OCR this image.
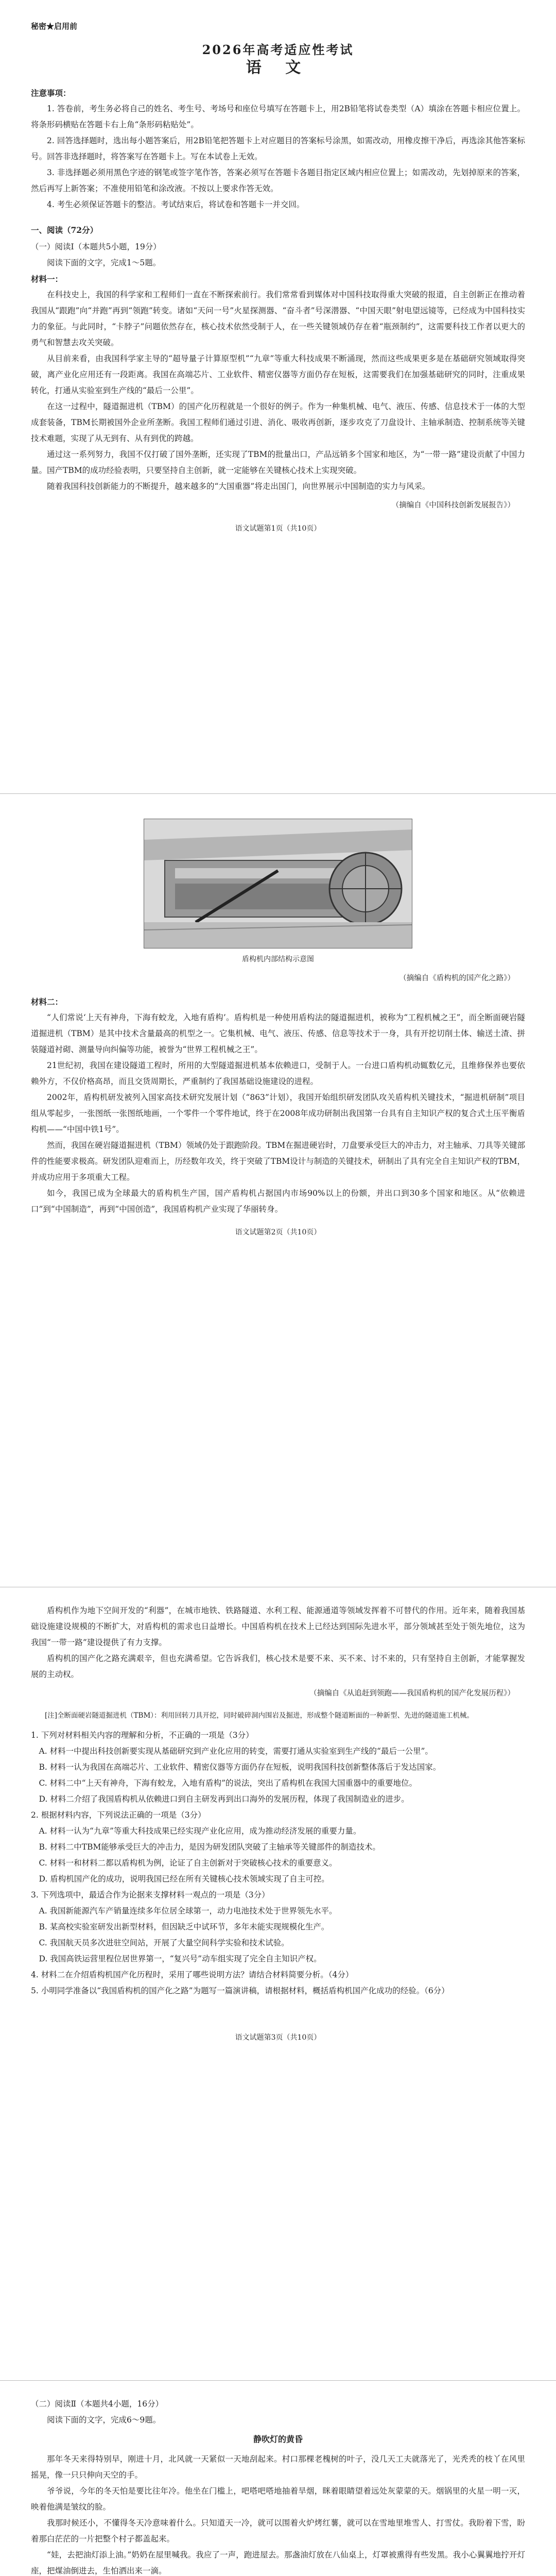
秘密★启用前
2026年高考适应性考试
语 文
注意事项：

1. 答卷前，考生务必将自己的姓名、考生号、考场号和座位号填写在答题卡上，用2B铅笔将试卷类型（A）填涂在答题卡相应位置上。将条形码横贴在答题卡右上角“条形码粘贴处”。

2. 回答选择题时，选出每小题答案后，用2B铅笔把答题卡上对应题目的答案标号涂黑，如需改动，用橡皮擦干净后，再选涂其他答案标号。回答非选择题时，将答案写在答题卡上。写在本试卷上无效。

3. 非选择题必须用黑色字迹的钢笔或签字笔作答，答案必须写在答题卡各题目指定区域内相应位置上；如需改动，先划掉原来的答案，然后再写上新答案；不准使用铅笔和涂改液。不按以上要求作答无效。

4. 考生必须保证答题卡的整洁。考试结束后，将试卷和答题卡一并交回。

一、阅读（72分）
（一）阅读Ⅰ（本题共5小题，19分）

阅读下面的文字，完成1～5题。

材料一：

在科技史上，我国的科学家和工程师们一直在不断探索前行。我们常常看到媒体对中国科技取得重大突破的报道，自主创新正在推动着我国从“跟跑”向“并跑”再到“领跑”转变。诸如“天问一号”火星探测器、“奋斗者”号深潜器、“中国天眼”射电望远镜等，已经成为中国科技实力的象征。与此同时，“卡脖子”问题依然存在，核心技术依然受制于人，在一些关键领域仍存在着“瓶颈制约”，这需要科技工作者以更大的勇气和智慧去攻关突破。

从目前来看，由我国科学家主导的“超导量子计算原型机”“九章”等重大科技成果不断涌现，然而这些成果更多是在基础研究领域取得突破，离产业化应用还有一段距离。我国在高端芯片、工业软件、精密仪器等方面仍存在短板，这需要我们在加强基础研究的同时，注重成果转化，打通从实验室到生产线的“最后一公里”。

在这一过程中，隧道掘进机（TBM）的国产化历程就是一个很好的例子。作为一种集机械、电气、液压、传感、信息技术于一体的大型成套装备，TBM长期被国外企业所垄断。我国工程师们通过引进、消化、吸收再创新，逐步攻克了刀盘设计、主轴承制造、控制系统等关键技术难题，实现了从无到有、从有到优的跨越。

通过这一系列努力，我国不仅打破了国外垄断，还实现了TBM的批量出口，产品远销多个国家和地区，为“一带一路”建设贡献了中国力量。国产TBM的成功经验表明，只要坚持自主创新，就一定能够在关键核心技术上实现突破。

随着我国科技创新能力的不断提升，越来越多的“大国重器”将走出国门，向世界展示中国制造的实力与风采。

（摘编自《中国科技创新发展报告》）
语文试题第1页（共10页）
盾构机内部结构示意图
（摘编自《盾构机的国产化之路》）
材料二：

“人们常说‘上天有神舟，下海有蛟龙，入地有盾构’。盾构机是一种使用盾构法的隧道掘进机，被称为“工程机械之王”，而全断面硬岩隧道掘进机（TBM）是其中技术含量最高的机型之一。它集机械、电气、液压、传感、信息等技术于一身，具有开挖切削土体、输送土渣、拼装隧道衬砌、测量导向纠偏等功能，被誉为“世界工程机械之王”。

21世纪初，我国在建设隧道工程时，所用的大型隧道掘进机基本依赖进口，受制于人。一台进口盾构机动辄数亿元，且维修保养也要依赖外方，不仅价格高昂，而且交货周期长，严重制约了我国基础设施建设的进程。

2002年，盾构机研发被列入国家高技术研究发展计划（“863”计划），我国开始组织研发团队攻关盾构机关键技术，“掘进机研制”项目组从零起步，一张图纸一张图纸地画，一个零件一个零件地试，终于在2008年成功研制出我国第一台具有自主知识产权的复合式土压平衡盾构机——“中国中铁1号”。

然而，我国在硬岩隧道掘进机（TBM）领域仍处于跟跑阶段。TBM在掘进硬岩时，刀盘要承受巨大的冲击力，对主轴承、刀具等关键部件的性能要求极高。研发团队迎难而上，历经数年攻关，终于突破了TBM设计与制造的关键技术，研制出了具有完全自主知识产权的TBM，并成功应用于多项重大工程。

如今，我国已成为全球最大的盾构机生产国，国产盾构机占据国内市场90%以上的份额，并出口到30多个国家和地区。从“依赖进口”到“中国制造”，再到“中国创造”，我国盾构机产业实现了华丽转身。

语文试题第2页（共10页）

盾构机作为地下空间开发的“利器”，在城市地铁、铁路隧道、水利工程、能源通道等领域发挥着不可替代的作用。近年来，随着我国基础设施建设规模的不断扩大，对盾构机的需求也日益增长。中国盾构机在技术上已经达到国际先进水平，部分领域甚至处于领先地位，这为我国“一带一路”建设提供了有力支撑。

盾构机的国产化之路充满艰辛，但也充满希望。它告诉我们，核心技术是要不来、买不来、讨不来的，只有坚持自主创新，才能掌握发展的主动权。

（摘编自《从追赶到领跑——我国盾构机的国产化发展历程》）

[注]全断面硬岩隧道掘进机（TBM）：利用回转刀具开挖，同时破碎洞内围岩及掘进，形成整个隧道断面的一种新型、先进的隧道施工机械。

1. 下列对材料相关内容的理解和分析，不正确的一项是（3分）

A. 材料一中提出科技创新要实现从基础研究到产业化应用的转变，需要打通从实验室到生产线的“最后一公里”。

B. 材料一认为我国在高端芯片、工业软件、精密仪器等方面仍存在短板，说明我国科技创新整体落后于发达国家。

C. 材料二中“上天有神舟，下海有蛟龙，入地有盾构”的说法，突出了盾构机在我国大国重器中的重要地位。

D. 材料二介绍了我国盾构机从依赖进口到自主研发再到出口海外的发展历程，体现了我国制造业的进步。

2. 根据材料内容，下列说法正确的一项是（3分）

A. 材料一认为“九章”等重大科技成果已经实现产业化应用，成为推动经济发展的重要力量。

B. 材料二中TBM能够承受巨大的冲击力，是因为研发团队突破了主轴承等关键部件的制造技术。

C. 材料一和材料二都以盾构机为例，论证了自主创新对于突破核心技术的重要意义。

D. 盾构机国产化的成功，说明我国已经在所有关键核心技术领域实现了自主可控。

3. 下列选项中，最适合作为论据来支撑材料一观点的一项是（3分）

A. 我国新能源汽车产销量连续多年位居全球第一，动力电池技术处于世界领先水平。

B. 某高校实验室研发出新型材料，但因缺乏中试环节，多年未能实现规模化生产。

C. 我国航天员多次进驻空间站，开展了大量空间科学实验和技术试验。

D. 我国高铁运营里程位居世界第一，“复兴号”动车组实现了完全自主知识产权。

4. 材料二在介绍盾构机国产化历程时，采用了哪些说明方法？请结合材料简要分析。（4分）
5. 小明同学准备以“我国盾构机的国产化之路”为题写一篇演讲稿，请根据材料，概括盾构机国产化成功的经验。（6分）
语文试题第3页（共10页）
（二）阅读Ⅱ（本题共4小题，16分）

阅读下面的文字，完成6～9题。

静吹灯的黄昏

那年冬天来得特别早，刚进十月，北风就一天紧似一天地刮起来。村口那棵老槐树的叶子，没几天工夫就落光了，光秃秃的枝丫在风里摇晃，像一只只伸向天空的手。

爷爷说，今年的冬天怕是要比往年冷。他坐在门槛上，吧嗒吧嗒地抽着旱烟，眯着眼睛望着远处灰蒙蒙的天。烟锅里的火星一明一灭，映着他满是皱纹的脸。

我那时候还小，不懂得冬天冷意味着什么。只知道天一冷，就可以围着火炉烤红薯，就可以在雪地里堆雪人、打雪仗。我盼着下雪，盼着那白茫茫的一片把整个村子都盖起来。

“娃，去把油灯添上油。”奶奶在屋里喊我。我应了一声，跑进屋去。那盏油灯放在八仙桌上，灯罩被熏得有些发黑。我小心翼翼地拧开灯座，把煤油倒进去，生怕洒出来一滴。
